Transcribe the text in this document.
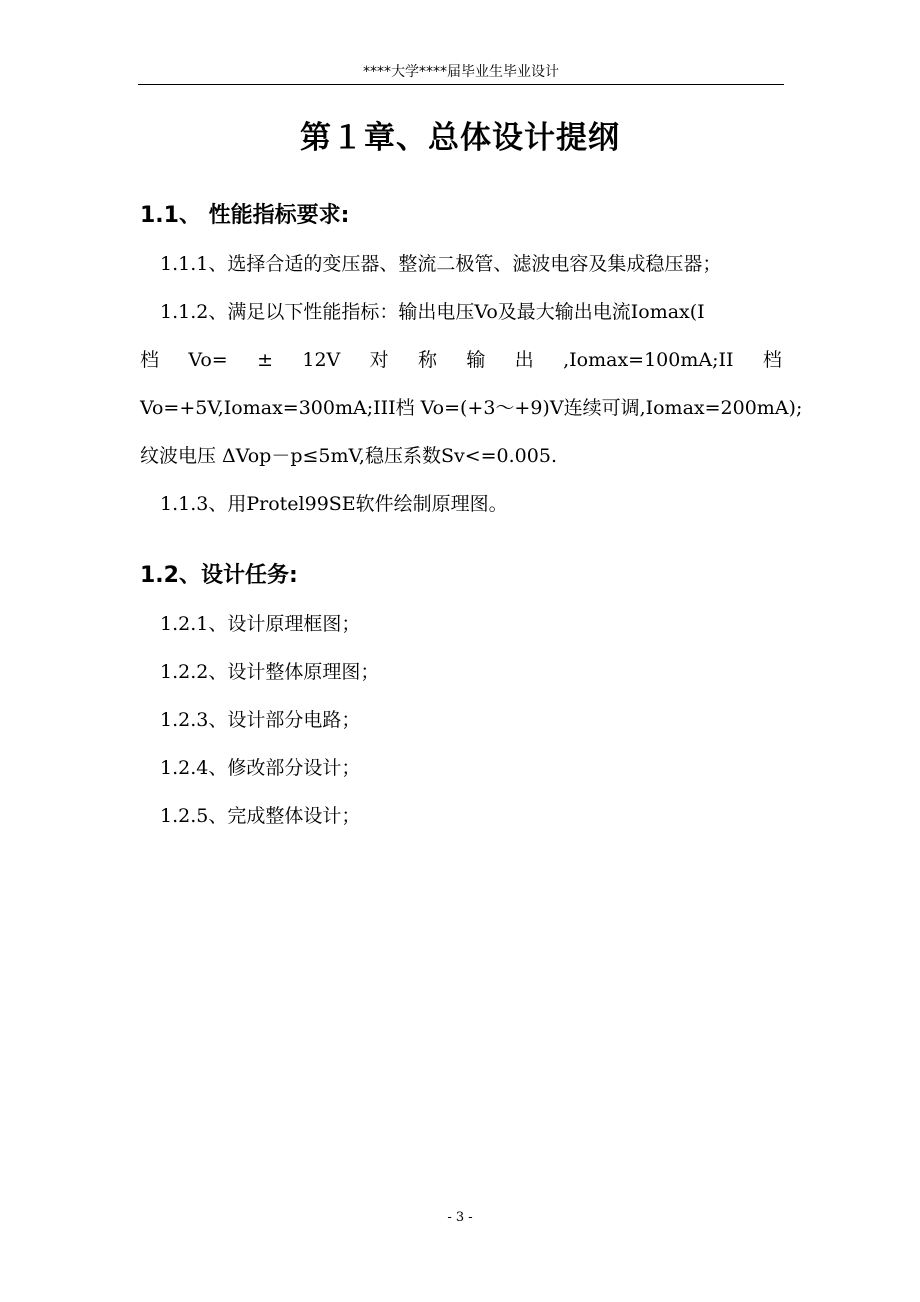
****大学****届毕业生毕业设计
第１章、总体设计提纲
1.1、 性能指标要求:
1.1.1、选择合适的变压器、整流二极管、滤波电容及集成稳压器；
1.1.2、满足以下性能指标：输出电压Vo及最大输出电流Iomax(I
档 Vo= ± 12V 对 称 输 出 ,Iomax=100mA;II 档
Vo=+5V,Iomax=300mA;III档 Vo=(+3～+9)V连续可调,Iomax=200mA);
纹波电压 ΔVop－p≤5mV,稳压系数Sv<=0.005.
1.1.3、用Protel99SE软件绘制原理图。
1.2、设计任务:
1.2.1、设计原理框图；
1.2.2、设计整体原理图；
1.2.3、设计部分电路；
1.2.4、修改部分设计；
1.2.5、完成整体设计；
- 3 -
